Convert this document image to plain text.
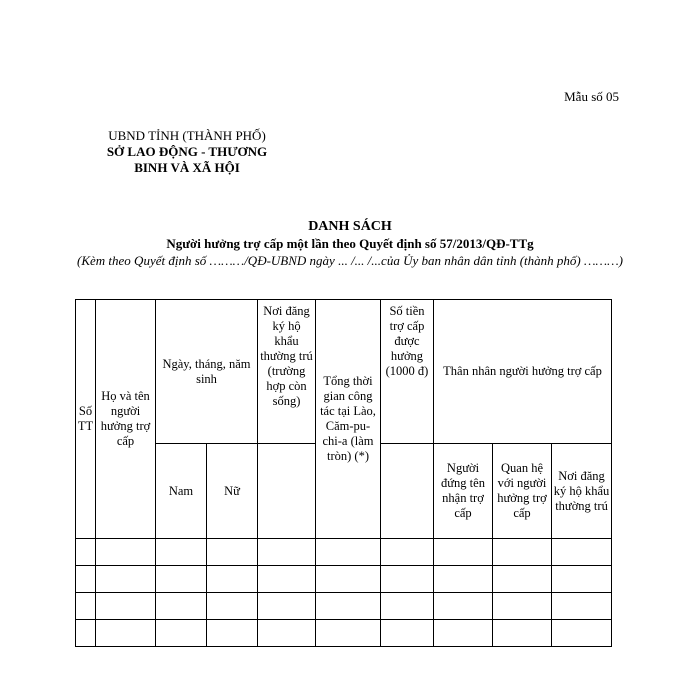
Mẫu số 05
UBND TỈNH (THÀNH PHỐ)
SỞ LAO ĐỘNG - THƯƠNG
BINH VÀ XÃ HỘI
DANH SÁCH
Người hưởng trợ cấp một lần theo Quyết định số 57/2013/QĐ-TTg
(Kèm theo Quyết định số ………/QĐ-UBND ngày ... /... /...của Ủy ban nhân dân tỉnh (thành phố) ………)
Số TT	Họ và tên người hưởng trợ cấp	Ngày, tháng, năm sinh		Nơi đăng ký hộ khẩu thường trú (trường hợp còn sống)	Tổng thời gian công tác tại Lào, Căm-pu-chi-a (làm tròn) (*)	Số tiền trợ cấp được hưởng (1000 đ)	Thân nhân người hưởng trợ cấp		
		Nam	Nữ				Người đứng tên nhận trợ cấp	Quan hệ với người hưởng trợ cấp	Nơi đăng ký hộ khẩu thường trú
